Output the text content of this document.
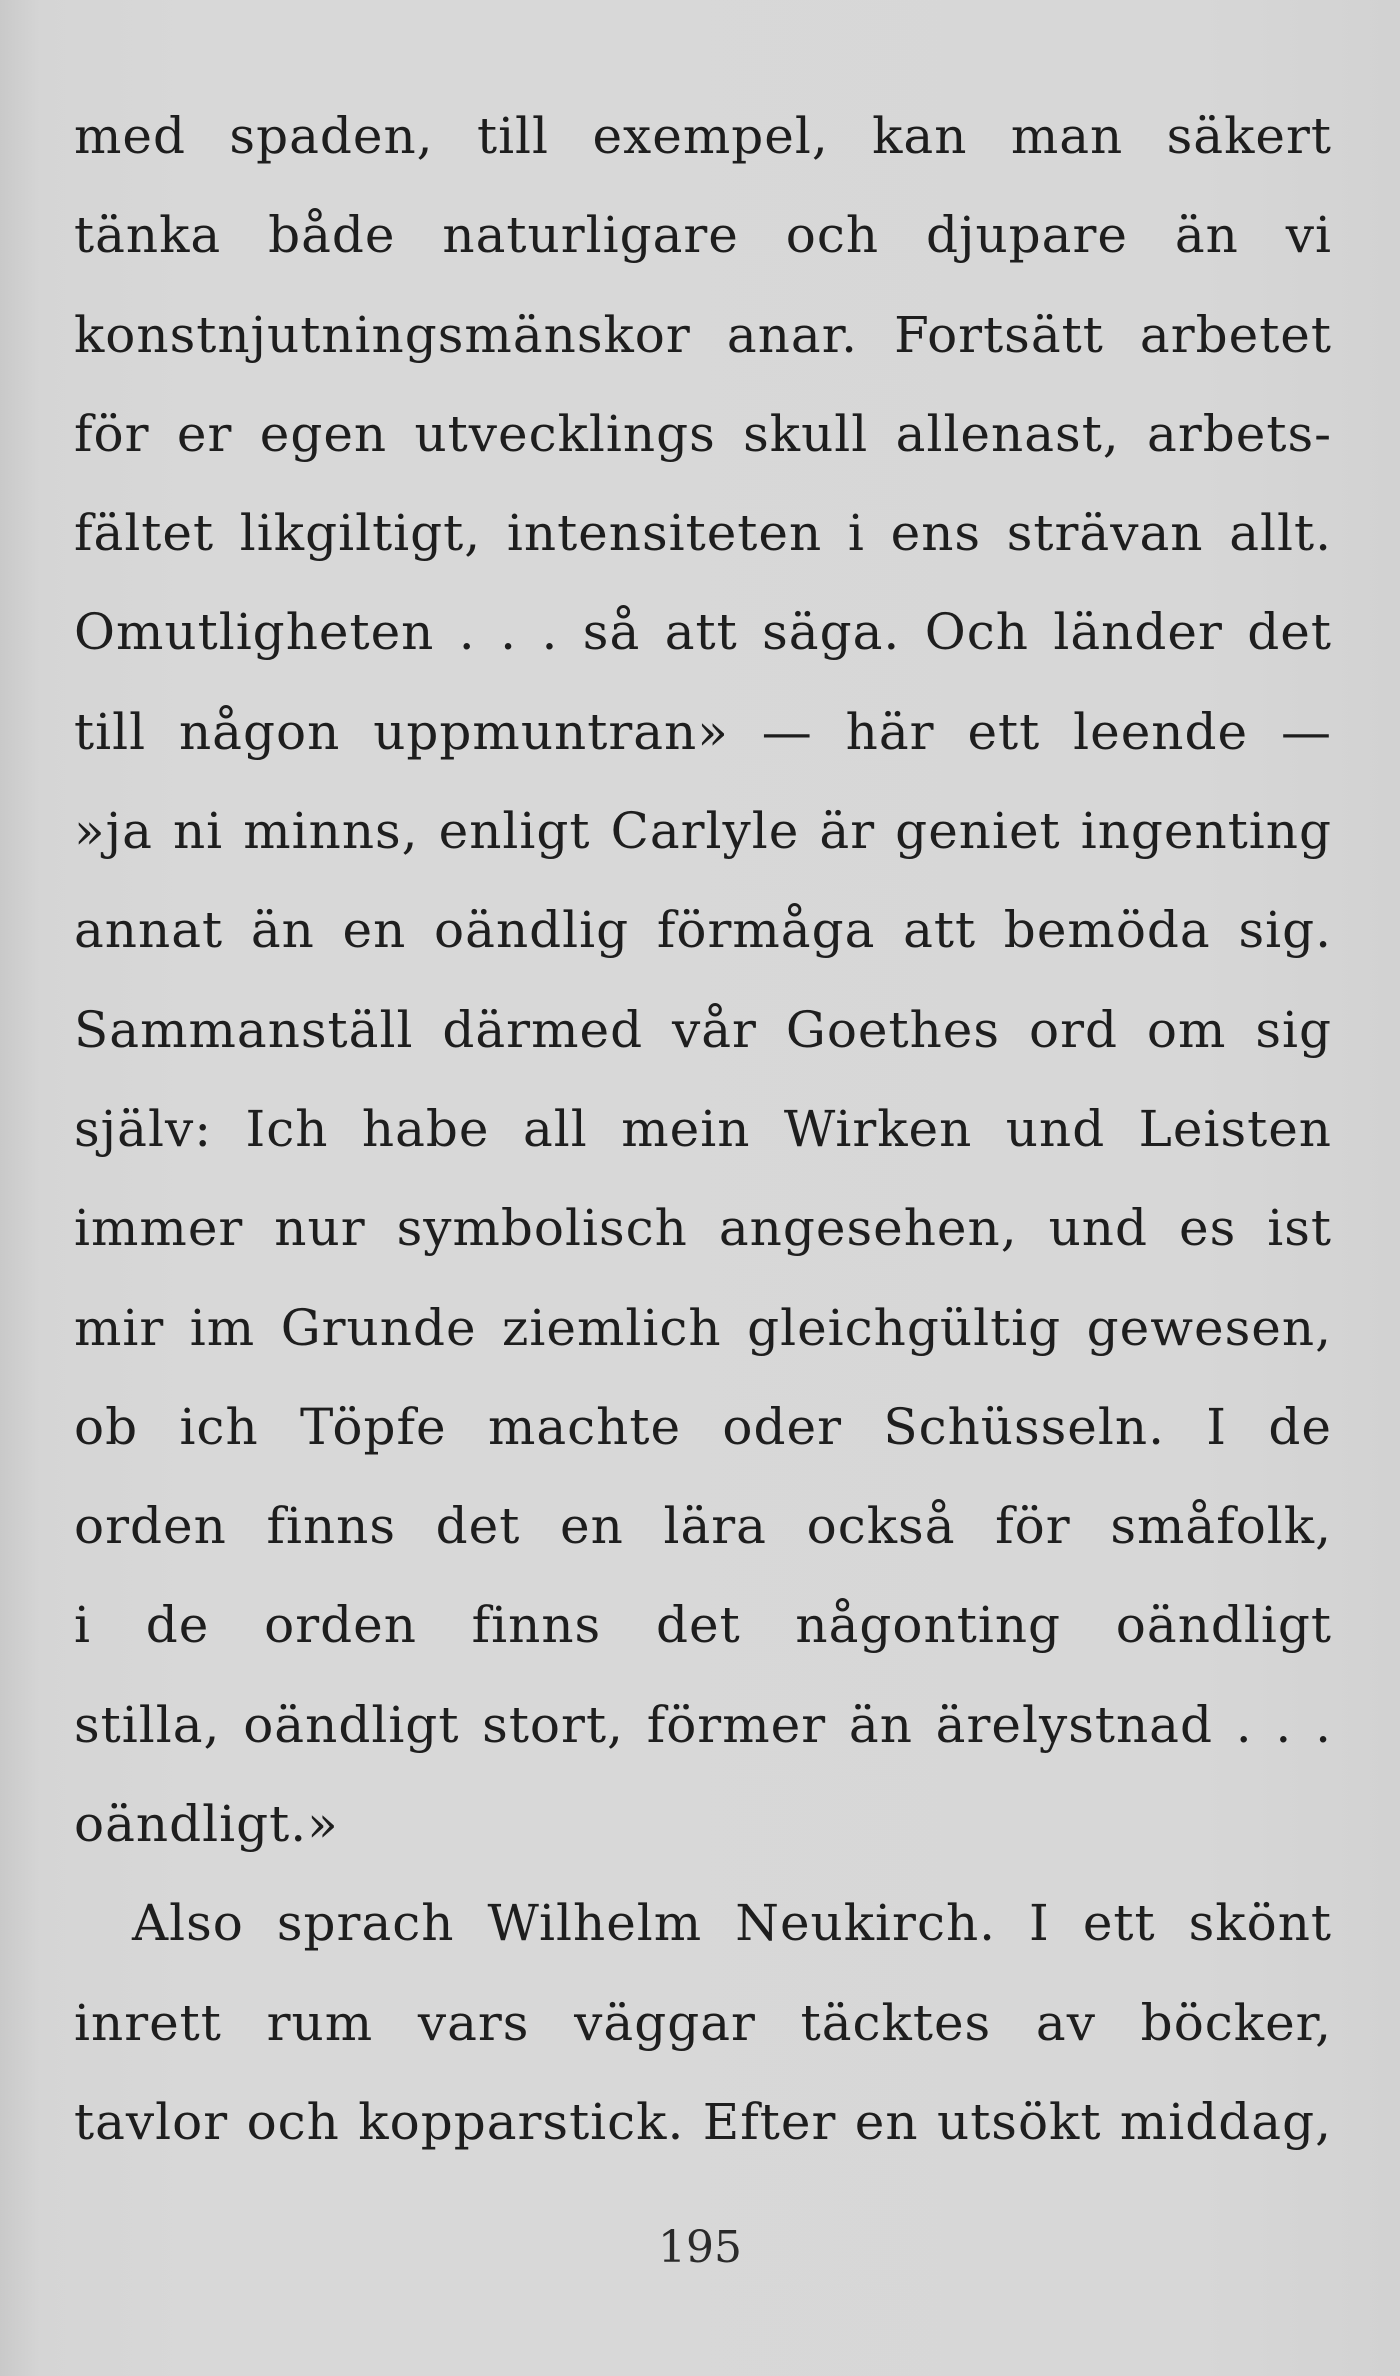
med spaden, till exempel, kan man säkert
tänka både naturligare och djupare än vi
konstnjutningsmänskor anar. Fortsätt arbetet
för er egen utvecklings skull allenast, arbets-
fältet likgiltigt, intensiteten i ens strävan allt.
Omutligheten . . . så att säga. Och länder det
till någon uppmuntran» — här ett leende —
»ja ni minns, enligt Carlyle är geniet ingenting
annat än en oändlig förmåga att bemöda sig.
Sammanställ därmed vår Goethes ord om sig
själv: Ich habe all mein Wirken und Leisten
immer nur symbolisch angesehen, und es ist
mir im Grunde ziemlich gleichgültig gewesen,
ob ich Töpfe machte oder Schüsseln. I de
orden finns det en lära också för småfolk,
i de orden finns det någonting oändligt
stilla, oändligt stort, förmer än ärelystnad . . .
oändligt.»
Also sprach Wilhelm Neukirch. I ett skönt
inrett rum vars väggar täcktes av böcker,
tavlor och kopparstick. Efter en utsökt middag,
195
